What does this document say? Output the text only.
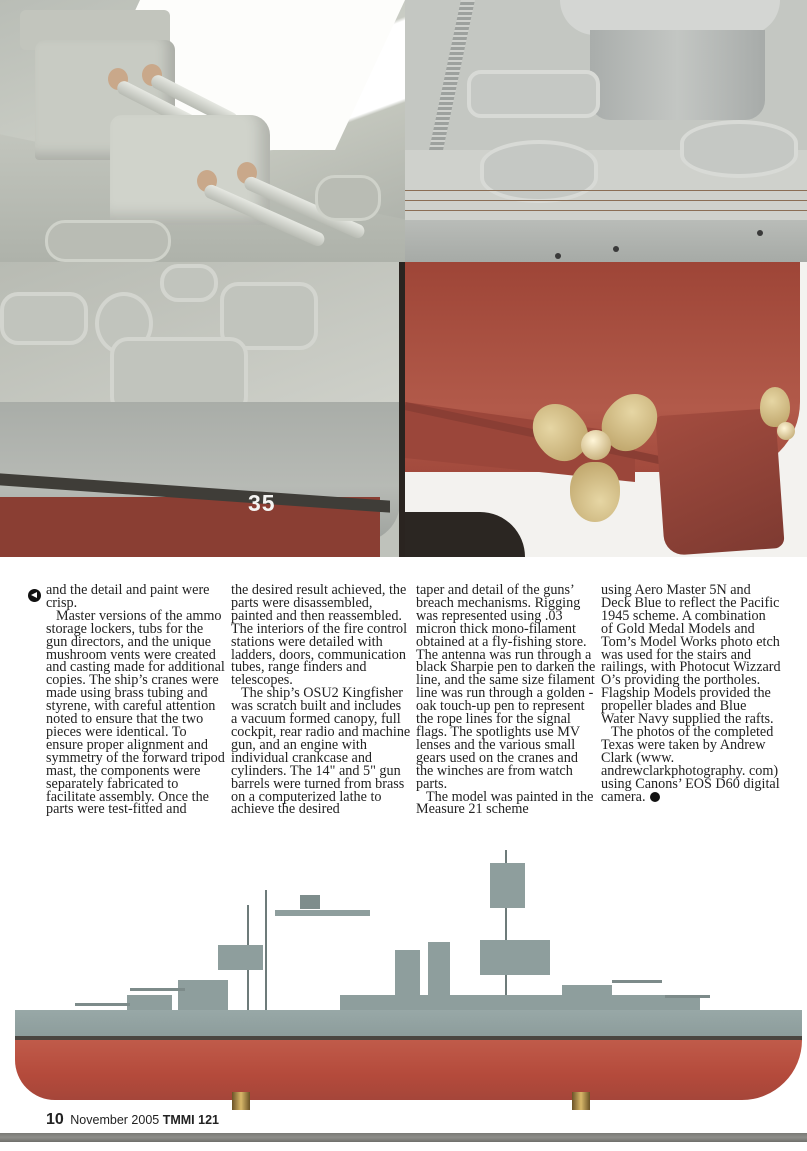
35

and the detail and paint were crisp.

Master versions of the ammo storage lockers, tubs for the gun directors, and the unique mushroom vents were created and casting made for additional copies. The ship’s cranes were made using brass tubing and styrene, with careful attention noted to ensure that the two pieces were identical. To ensure proper alignment and symmetry of the forward tripod mast, the components were separately fabricated to facilitate assembly. Once the parts were test-fitted and

the desired result achieved, the parts were disassembled, painted and then reassembled. The interiors of the fire control stations were detailed with ladders, doors, communication tubes, range finders and telescopes.

The ship’s OSU2 Kingfisher was scratch built and includes a vacuum formed canopy, full cockpit, rear radio and machine gun, and an engine with individual crankcase and cylinders. The 14" and 5" gun barrels were turned from brass on a computerized lathe to achieve the desired

taper and detail of the guns’ breach mechanisms. Rigging was represented using .03 micron thick mono-filament obtained at a fly-fishing store. The antenna was run through a black Sharpie pen to darken the line, and the same size filament line was run through a golden - oak touch-up pen to represent the rope lines for the signal flags. The spotlights use MV lenses and the various small gears used on the cranes and the winches are from watch parts.

The model was painted in the Measure 21 scheme

using Aero Master 5N and Deck Blue to reflect the Pacific 1945 scheme. A combination of Gold Medal Models and Tom’s Model Works photo etch was used for the stairs and railings, with Photocut Wizzard O’s providing the portholes. Flagship Models provided the propeller blades and Blue Water Navy supplied the rafts.

The photos of the completed Texas were taken by Andrew Clark (www. andrewclarkphotography. com) using Canons’ EOS D60 digital camera.

10 November 2005 TMMI 121
